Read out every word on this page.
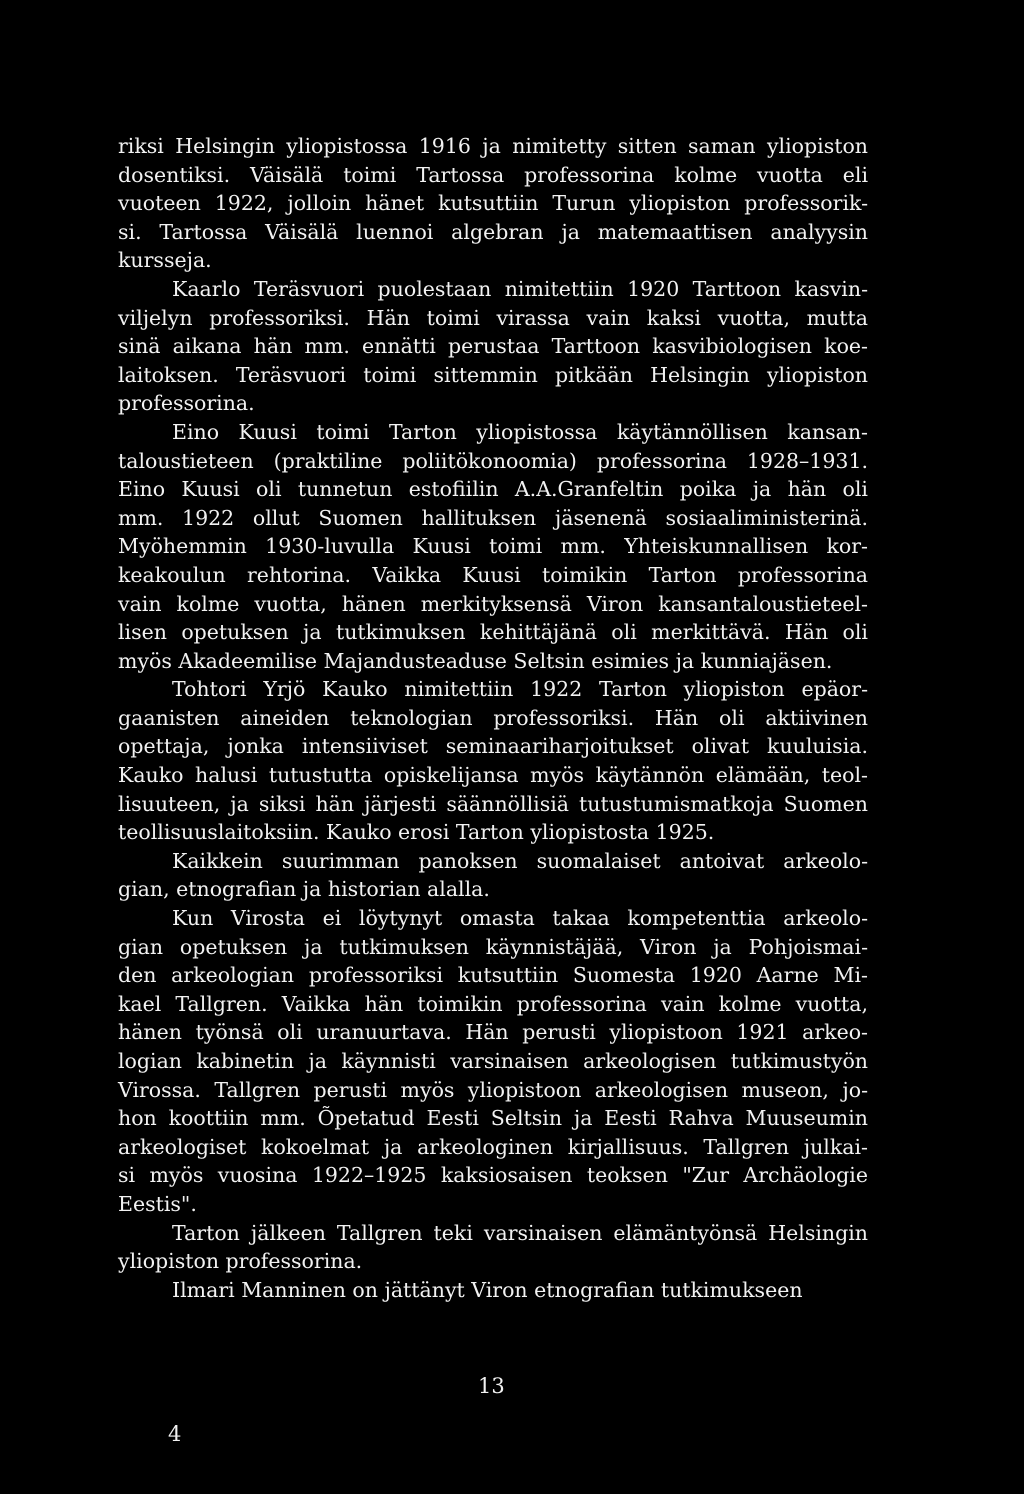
riksi Helsingin yliopistossa 1916 ja nimitetty sitten saman yliopiston
dosentiksi. Väisälä toimi Tartossa professorina kolme vuotta eli
vuoteen 1922, jolloin hänet kutsuttiin Turun yliopiston professorik-
si. Tartossa Väisälä luennoi algebran ja matemaattisen analyysin
kursseja.

Kaarlo Teräsvuori puolestaan nimitettiin 1920 Tarttoon kasvin-
viljelyn professoriksi. Hän toimi virassa vain kaksi vuotta, mutta
sinä aikana hän mm. ennätti perustaa Tarttoon kasvibiologisen koe-
laitoksen. Teräsvuori toimi sittemmin pitkään Helsingin yliopiston
professorina.

Eino Kuusi toimi Tarton yliopistossa käytännöllisen kansan-
taloustieteen (praktiline poliitökonoomia) professorina 1928–1931.
Eino Kuusi oli tunnetun estofiilin A.A.Granfeltin poika ja hän oli
mm. 1922 ollut Suomen hallituksen jäsenenä sosiaaliministerinä.
Myöhemmin 1930-luvulla Kuusi toimi mm. Yhteiskunnallisen kor-
keakoulun rehtorina. Vaikka Kuusi toimikin Tarton professorina
vain kolme vuotta, hänen merkityksensä Viron kansantaloustieteel-
lisen opetuksen ja tutkimuksen kehittäjänä oli merkittävä. Hän oli
myös Akadeemilise Majandusteaduse Seltsin esimies ja kunniajäsen.

Tohtori Yrjö Kauko nimitettiin 1922 Tarton yliopiston epäor-
gaanisten aineiden teknologian professoriksi. Hän oli aktiivinen
opettaja, jonka intensiiviset seminaariharjoitukset olivat kuuluisia.
Kauko halusi tutustutta opiskelijansa myös käytännön elämään, teol-
lisuuteen, ja siksi hän järjesti säännöllisiä tutustumismatkoja Suomen
teollisuuslaitoksiin. Kauko erosi Tarton yliopistosta 1925.

Kaikkein suurimman panoksen suomalaiset antoivat arkeolo-
gian, etnografian ja historian alalla.

Kun Virosta ei löytynyt omasta takaa kompetenttia arkeolo-
gian opetuksen ja tutkimuksen käynnistäjää, Viron ja Pohjoismai-
den arkeologian professoriksi kutsuttiin Suomesta 1920 Aarne Mi-
kael Tallgren. Vaikka hän toimikin professorina vain kolme vuotta,
hänen työnsä oli uranuurtava. Hän perusti yliopistoon 1921 arkeo-
logian kabinetin ja käynnisti varsinaisen arkeologisen tutkimustyön
Virossa. Tallgren perusti myös yliopistoon arkeologisen museon, jo-
hon koottiin mm. Õpetatud Eesti Seltsin ja Eesti Rahva Muuseumin
arkeologiset kokoelmat ja arkeologinen kirjallisuus. Tallgren julkai-
si myös vuosina 1922–1925 kaksiosaisen teoksen "Zur Archäologie
Eestis".

Tarton jälkeen Tallgren teki varsinaisen elämäntyönsä Helsingin
yliopiston professorina.

Ilmari Manninen on jättänyt Viron etnografian tutkimukseen

13
4
